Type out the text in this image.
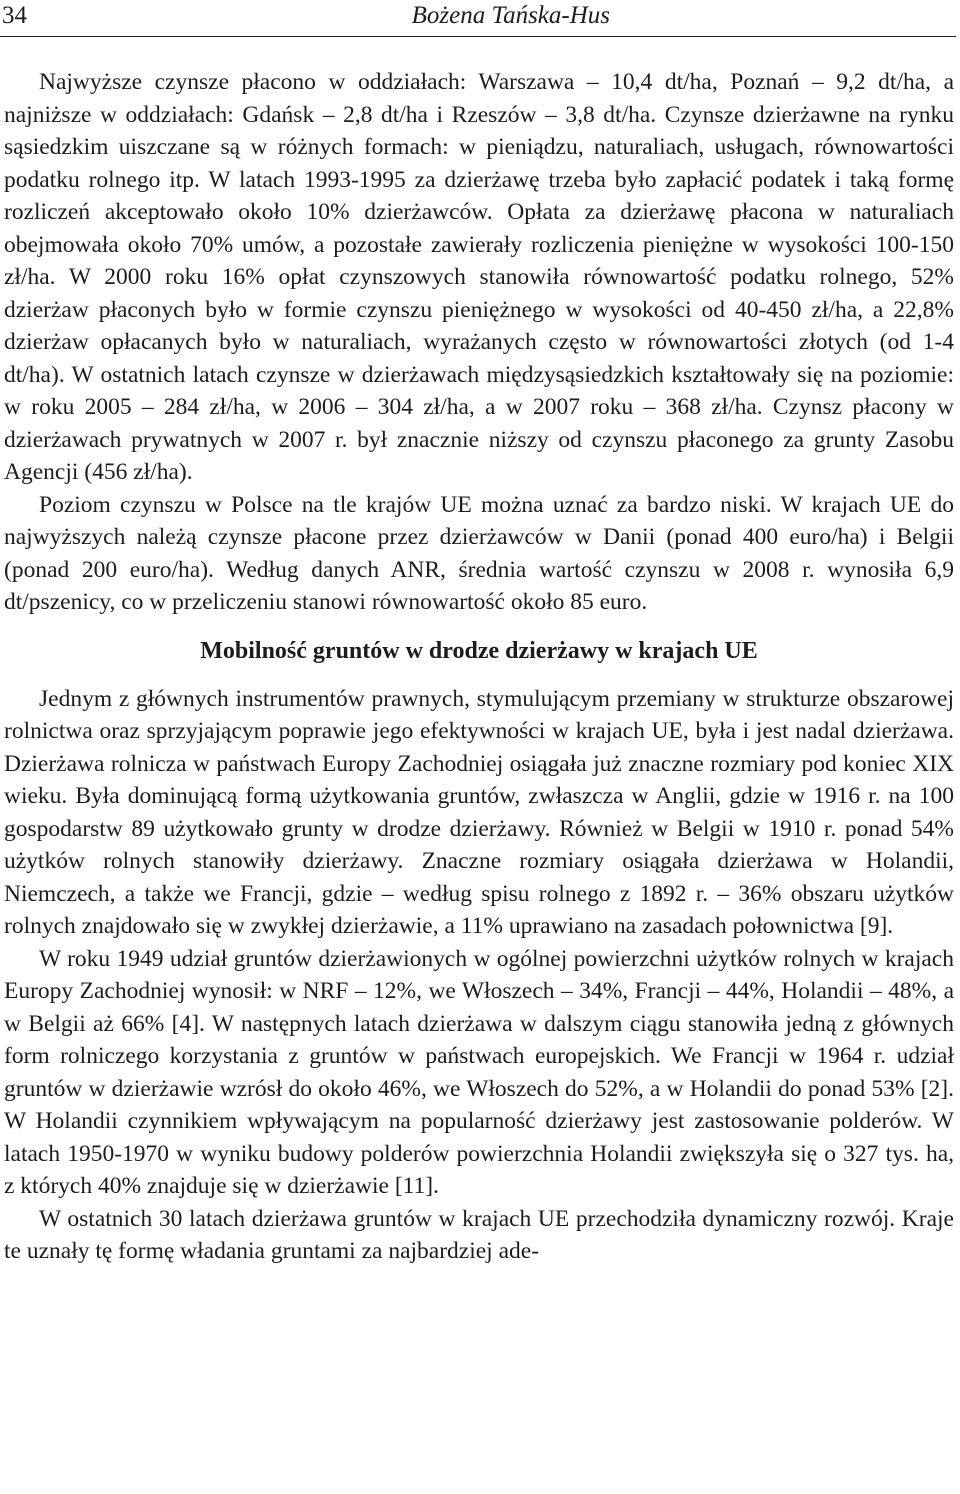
34	Bożena Tańska-Hus

Najwyższe czynsze płacono w oddziałach: Warszawa – 10,4 dt/ha, Poznań – 9,2 dt/ha, a najniższe w oddziałach: Gdańsk – 2,8 dt/ha i Rzeszów – 3,8 dt/ha. Czynsze dzierżawne na rynku sąsiedzkim uiszczane są w różnych formach: w pieniądzu, naturaliach, usługach, równowartości podatku rolnego itp. W latach 1993-1995 za dzierżawę trzeba było zapłacić podatek i taką formę rozliczeń akceptowało około 10% dzierżawców. Opłata za dzierżawę płacona w naturaliach obejmowała około 70% umów, a pozostałe zawierały rozliczenia pieniężne w wysokości 100-150 zł/ha. W 2000 roku 16% opłat czynszowych stanowiła równowartość podatku rolnego, 52% dzierżaw płaconych było w formie czynszu pieniężnego w wysokości od 40-450 zł/ha, a 22,8% dzierżaw opłacanych było w naturaliach, wyrażanych często w równowartości złotych (od 1-4 dt/ha). W ostatnich latach czynsze w dzierżawach międzysąsiedzkich kształtowały się na poziomie: w roku 2005 – 284 zł/ha, w 2006 – 304 zł/ha, a w 2007 roku – 368 zł/ha. Czynsz płacony w dzierżawach prywatnych w 2007 r. był znacznie niższy od czynszu płaconego za grunty Zasobu Agencji (456 zł/ha).

Poziom czynszu w Polsce na tle krajów UE można uznać za bardzo niski. W krajach UE do najwyższych należą czynsze płacone przez dzierżawców w Danii (ponad 400 euro/ha) i Belgii (ponad 200 euro/ha). Według danych ANR, średnia wartość czynszu w 2008 r. wynosiła 6,9 dt/pszenicy, co w przeliczeniu stanowi równowartość około 85 euro.

Mobilność gruntów w drodze dzierżawy w krajach UE

Jednym z głównych instrumentów prawnych, stymulującym przemiany w strukturze obszarowej rolnictwa oraz sprzyjającym poprawie jego efektywności w krajach UE, była i jest nadal dzierżawa. Dzierżawa rolnicza w państwach Europy Zachodniej osiągała już znaczne rozmiary pod koniec XIX wieku. Była dominującą formą użytkowania gruntów, zwłaszcza w Anglii, gdzie w 1916 r. na 100 gospodarstw 89 użytkowało grunty w drodze dzierżawy. Również w Belgii w 1910 r. ponad 54% użytków rolnych stanowiły dzierżawy. Znaczne rozmiary osiągała dzierżawa w Holandii, Niemczech, a także we Francji, gdzie – według spisu rolnego z 1892 r. – 36% obszaru użytków rolnych znajdowało się w zwykłej dzierżawie, a 11% uprawiano na zasadach połownictwa [9].

W roku 1949 udział gruntów dzierżawionych w ogólnej powierzchni użytków rolnych w krajach Europy Zachodniej wynosił: w NRF – 12%, we Włoszech – 34%, Francji – 44%, Holandii – 48%, a w Belgii aż 66% [4]. W następnych latach dzierżawa w dalszym ciągu stanowiła jedną z głównych form rolniczego korzystania z gruntów w państwach europejskich. We Francji w 1964 r. udział gruntów w dzierżawie wzrósł do około 46%, we Włoszech do 52%, a w Holandii do ponad 53% [2]. W Holandii czynnikiem wpływającym na popularność dzierżawy jest zastosowanie polderów. W latach 1950-1970 w wyniku budowy polderów powierzchnia Holandii zwiększyła się o 327 tys. ha, z których 40% znajduje się w dzierżawie [11].

W ostatnich 30 latach dzierżawa gruntów w krajach UE przechodziła dynamiczny rozwój. Kraje te uznały tę formę władania gruntami za najbardziej ade-
